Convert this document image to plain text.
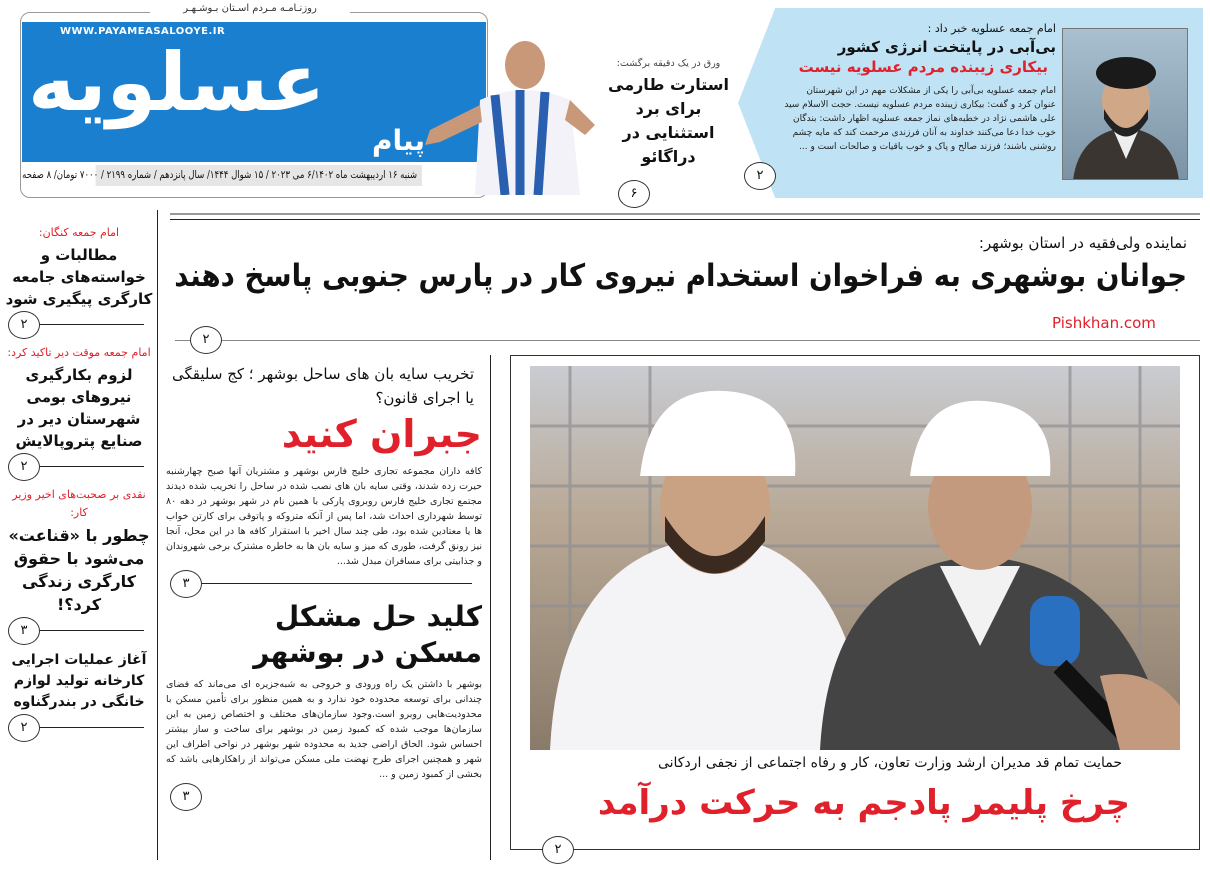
روزنـامـه مـردم اسـتان بـوشـهـر
WWW.PAYAMEASALOOYE.IR
عسلویه
پیام
شنبه ۱۶ اردیبهشت ماه ۶/۱۴۰۲ می ۲۰۲۳ / ۱۵ شوال ۱۴۴۴/ سال پانزدهم / شماره ۲۱۹۹ / ۷۰۰۰ تومان/ ۸ صفحه
ورق در یک دقیقه برگشت:
استارت طارمی برای برد استثنایی در دراگائو
۶
امام جمعه عسلویه خبر داد :
بی‌آبی در پایتخت انرژی کشور
بیکاری زیبنده مردم عسلویه نیست
امام جمعه عسلویه بی‌آبی را یکی از مشکلات مهم در این شهرستان عنوان کرد و گفت: بیکاری زیبنده مردم عسلویه نیست. حجت الاسلام سید علی هاشمی نژاد در خطبه‌های نماز جمعه عسلویه اظهار داشت: بندگان خوب خدا دعا می‌کنند خداوند به آنان فرزندی مرحمت کند که مایه چشم روشنی باشند؛ فرزند صالح و پاک و خوب باقیات و صالحات است و ...
۲
نماینده ولی‌فقیه در استان بوشهر:
جوانان بوشهری به فراخوان استخدام نیروی کار در پارس جنوبی پاسخ دهند
Pishkhan.com
۲
امام جمعه کنگان:
مطالبات و خواسته‌های جامعه کارگری پیگیری شود
۲
امام جمعه موقت دیر تاکید کرد:
لزوم بکارگیری نیروهای بومی شهرستان دیر در صنایع پتروپالایش
۲
نقدی بر صحبت‌های اخیر وزیر کار:
چطور با «قناعت» می‌شود با حقوق کارگری زندگی کرد؟!
۳
آغاز عملیات اجرایی کارخانه تولید لوازم خانگی در بندرگناوه
۲
تخریب سایه بان های ساحل بوشهر ؛ کج سلیقگی یا اجرای قانون؟
جبران کنید
کافه داران مجموعه تجاری خلیج فارس بوشهر و مشتریان آنها صبح چهارشنبه حیرت زده شدند، وقتی سایه بان های نصب شده در ساحل را تخریب شده دیدند مجتمع تجاری خلیج فارس روبروی پارکی با همین نام در شهر بوشهر در دهه ۸۰ توسط شهرداری احداث شد، اما پس از آنکه متروکه و پاتوقی برای کارتن خواب ها یا معتادین شده بود، طی چند سال اخیر با استقرار کافه ها در این محل، آنجا نیز رونق گرفت، طوری که میز و سایه بان ها به خاطره مشترک برخی شهروندان و جذابیتی برای مسافران مبدل شد...
۳
کلید حل مشکل مسکن در بوشهر
بوشهر با داشتن یک راه ورودی و خروجی به شبه‌جزیره ای می‌ماند که فضای چندانی برای توسعه محدوده خود ندارد و به همین منظور برای تأمین مسکن با محدودیت‌هایی روبرو است.وجود سازمان‌های مختلف و اختصاص زمین به این سازمان‌ها موجب شده که کمبود زمین در بوشهر برای ساخت و ساز بیشتر احساس شود. الحاق اراضی جدید به محدوده شهر بوشهر در نواحی اطراف این شهر و همچنین اجرای طرح نهضت ملی مسکن می‌تواند از راهکارهایی باشد که بخشی از کمبود زمین و ...
۳
حمایت تمام قد مدیران ارشد وزارت تعاون، کار و رفاه اجتماعی از نجفی اردکانی
چرخ پلیمر پادجم به حرکت درآمد
۲
